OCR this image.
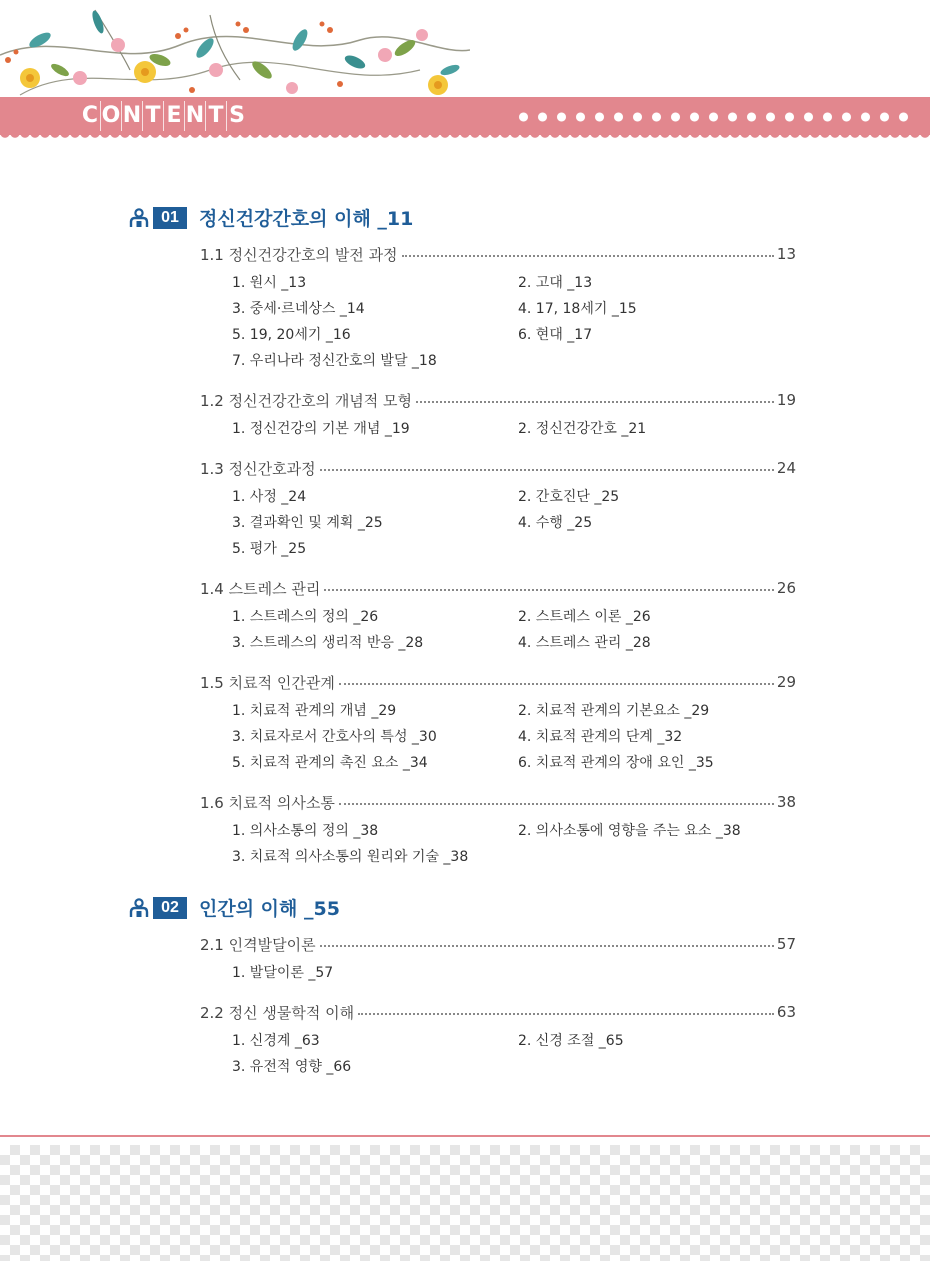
C O N T E N T S
01	정신건강간호의 이해 _11
1.1 정신건강간호의 발전 과정	13
1. 원시 _13	2. 고대 _13
3. 중세·르네상스 _14	4. 17, 18세기 _15
5. 19, 20세기 _16	6. 현대 _17
7. 우리나라 정신간호의 발달 _18
1.2 정신건강간호의 개념적 모형	19
1. 정신건강의 기본 개념 _19	2. 정신건강간호 _21
1.3 정신간호과정	24
1. 사정 _24	2. 간호진단 _25
3. 결과확인 및 계획 _25	4. 수행 _25
5. 평가 _25
1.4 스트레스 관리	26
1. 스트레스의 정의 _26	2. 스트레스 이론 _26
3. 스트레스의 생리적 반응 _28	4. 스트레스 관리 _28
1.5 치료적 인간관계	29
1. 치료적 관계의 개념 _29	2. 치료적 관계의 기본요소 _29
3. 치료자로서 간호사의 특성 _30	4. 치료적 관계의 단계 _32
5. 치료적 관계의 촉진 요소 _34	6. 치료적 관계의 장애 요인 _35
1.6 치료적 의사소통	38
1. 의사소통의 정의 _38	2. 의사소통에 영향을 주는 요소 _38
3. 치료적 의사소통의 원리와 기술 _38
02	인간의 이해 _55
2.1 인격발달이론	57
1. 발달이론 _57
2.2 정신 생물학적 이해	63
1. 신경계 _63	2. 신경 조절 _65
3. 유전적 영향 _66
